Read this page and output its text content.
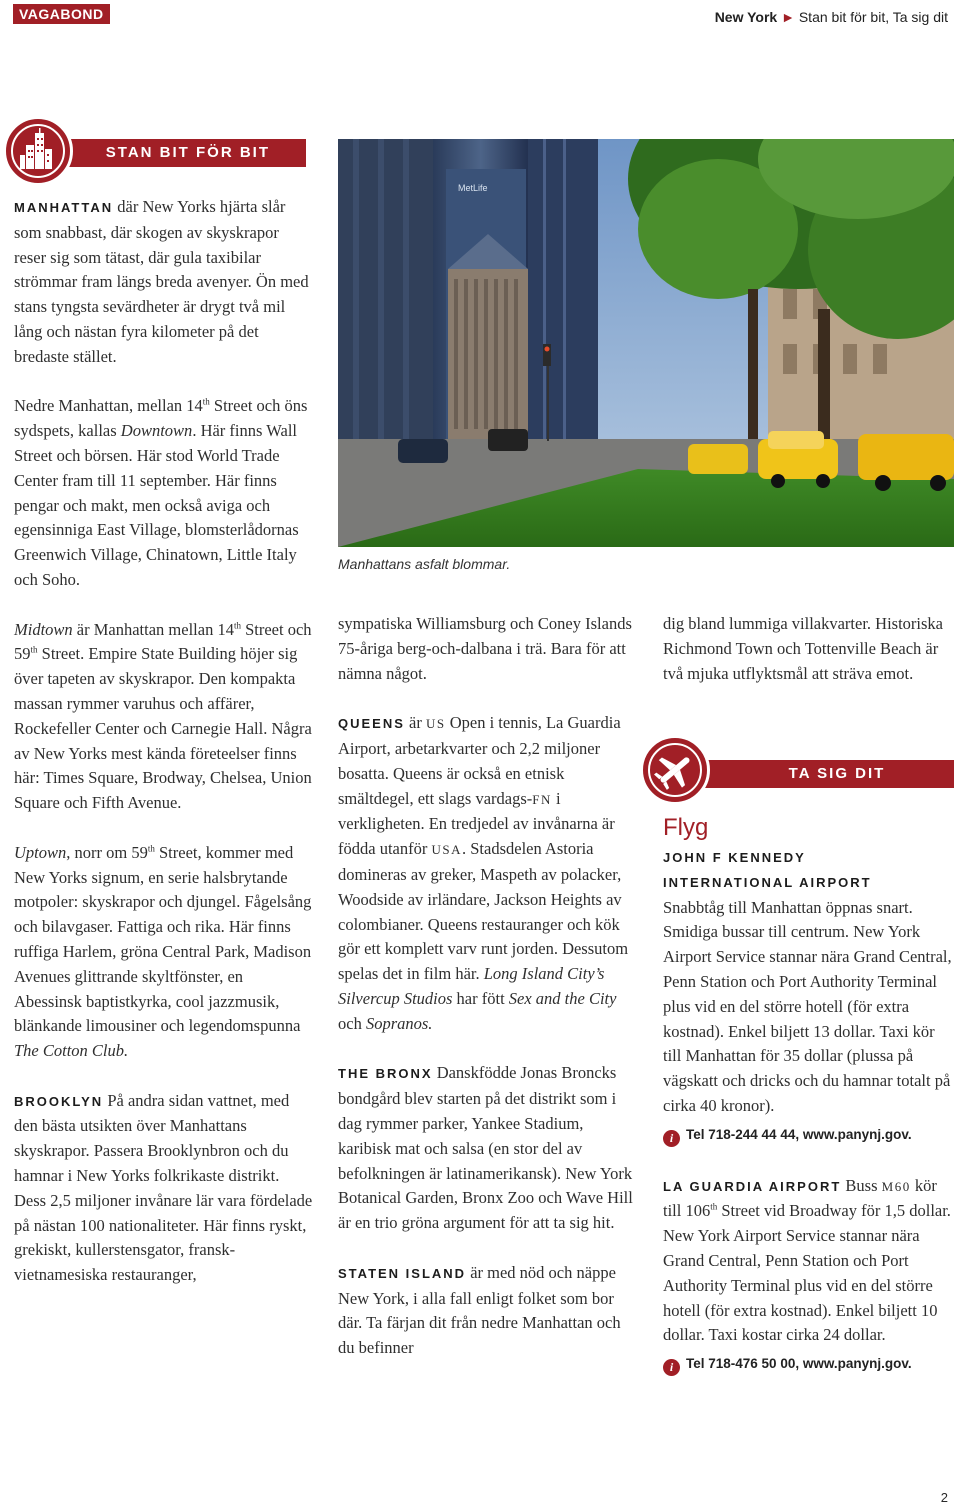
VAGABOND	New York ► Stan bit för bit, Ta sig dit
STAN BIT FÖR BIT

MANHATTAN där New Yorks hjärta slår som snabbast, där skogen av skyskrapor reser sig som tätast, där gula taxibilar strömmar fram längs breda avenyer. Ön med stans tyngsta sevärdheter är drygt två mil lång och nästan fyra kilometer på det bredaste stället.

Nedre Manhattan, mellan 14th Street och öns sydspets, kallas Downtown. Här finns Wall Street och börsen. Här stod World Trade Center fram till 11 september. Här finns pengar och makt, men också aviga och egensinniga East Village, blomsterlådornas Greenwich Village, Chinatown, Little Italy och Soho.

Midtown är Manhattan mellan 14th Street och 59th Street. Empire State Building höjer sig över tapeten av skyskrapor. Den kompakta massan rymmer varuhus och affärer, Rockefeller Center och Carnegie Hall. Några av New Yorks mest kända företeelser finns här: Times Square, Brodway, Chelsea, Union Square och Fifth Avenue.

Uptown, norr om 59th Street, kommer med New Yorks signum, en serie halsbrytande motpoler: skyskrapor och djungel. Fågelsång och bilavgaser. Fattiga och rika. Här finns ruffiga Harlem, gröna Central Park, Madison Avenues glittrande skyltfönster, en Abessinsk baptistkyrka, cool jazzmusik, blänkande limousiner och legendomspunna The Cotton Club.

BROOKLYN På andra sidan vattnet, med den bästa utsikten över Manhattans skyskrapor. Passera Brooklynbron och du hamnar i New Yorks folkrikaste distrikt. Dess 2,5 miljoner invånare lär vara fördelade på nästan 100 nationaliteter. Här finns ryskt, grekiskt, kullerstensgator, fransk-vietnamesiska restauranger,

MetLife
Manhattans asfalt blommar.

sympatiska Williamsburg och Coney Islands 75-åriga berg-och-dalbana i trä. Bara för att nämna något.

QUEENS är US Open i tennis, La Guardia Airport, arbetarkvarter och 2,2 miljoner bosatta. Queens är också en etnisk smältdegel, ett slags vardags-FN i verkligheten. En tredjedel av invånarna är födda utanför USA. Stadsdelen Astoria domineras av greker, Maspeth av polacker, Woodside av irländare, Jackson Heights av colombianer. Queens restauranger och kök gör ett komplett varv runt jorden. Dessutom spelas det in film här. Long Island City’s Silvercup Studios har fött Sex and the City och Sopranos.

THE BRONX Danskfödde Jonas Broncks bondgård blev starten på det distrikt som i dag rymmer parker, Yankee Stadium, karibisk mat och salsa (en stor del av befolkningen är latinamerikansk). New York Botanical Garden, Bronx Zoo och Wave Hill är en trio gröna argument för att ta sig hit.

STATEN ISLAND är med nöd och näppe New York, i alla fall enligt folket som bor där. Ta färjan dit från nedre Manhattan och du befinner

dig bland lummiga villakvarter. Historiska Richmond Town och Tottenville Beach är två mjuka utflyktsmål att sträva emot.

TA SIG DIT
Flyg
JOHN F KENNEDY
INTERNATIONAL AIRPORT
Snabbtåg till Manhattan öppnas snart. Smidiga bussar till centrum. New York Airport Service stannar nära Grand Central, Penn Station och Port Authority Terminal plus vid en del större hotell (för extra kostnad). Enkel biljett 13 dollar. Taxi kör till Manhattan för 35 dollar (plussa på vägskatt och dricks och du hamnar totalt på cirka 40 kronor).
i Tel 718-244 44 44, www.panynj.gov.
LA GUARDIA AIRPORT Buss M60 kör till 106th Street vid Broadway för 1,5 dollar. New York Airport Service stannar nära Grand Central, Penn Station och Port Authority Terminal plus vid en del större hotell (för extra kostnad). Enkel biljett 10 dollar. Taxi kostar cirka 24 dollar.
i Tel 718-476 50 00, www.panynj.gov.
2
